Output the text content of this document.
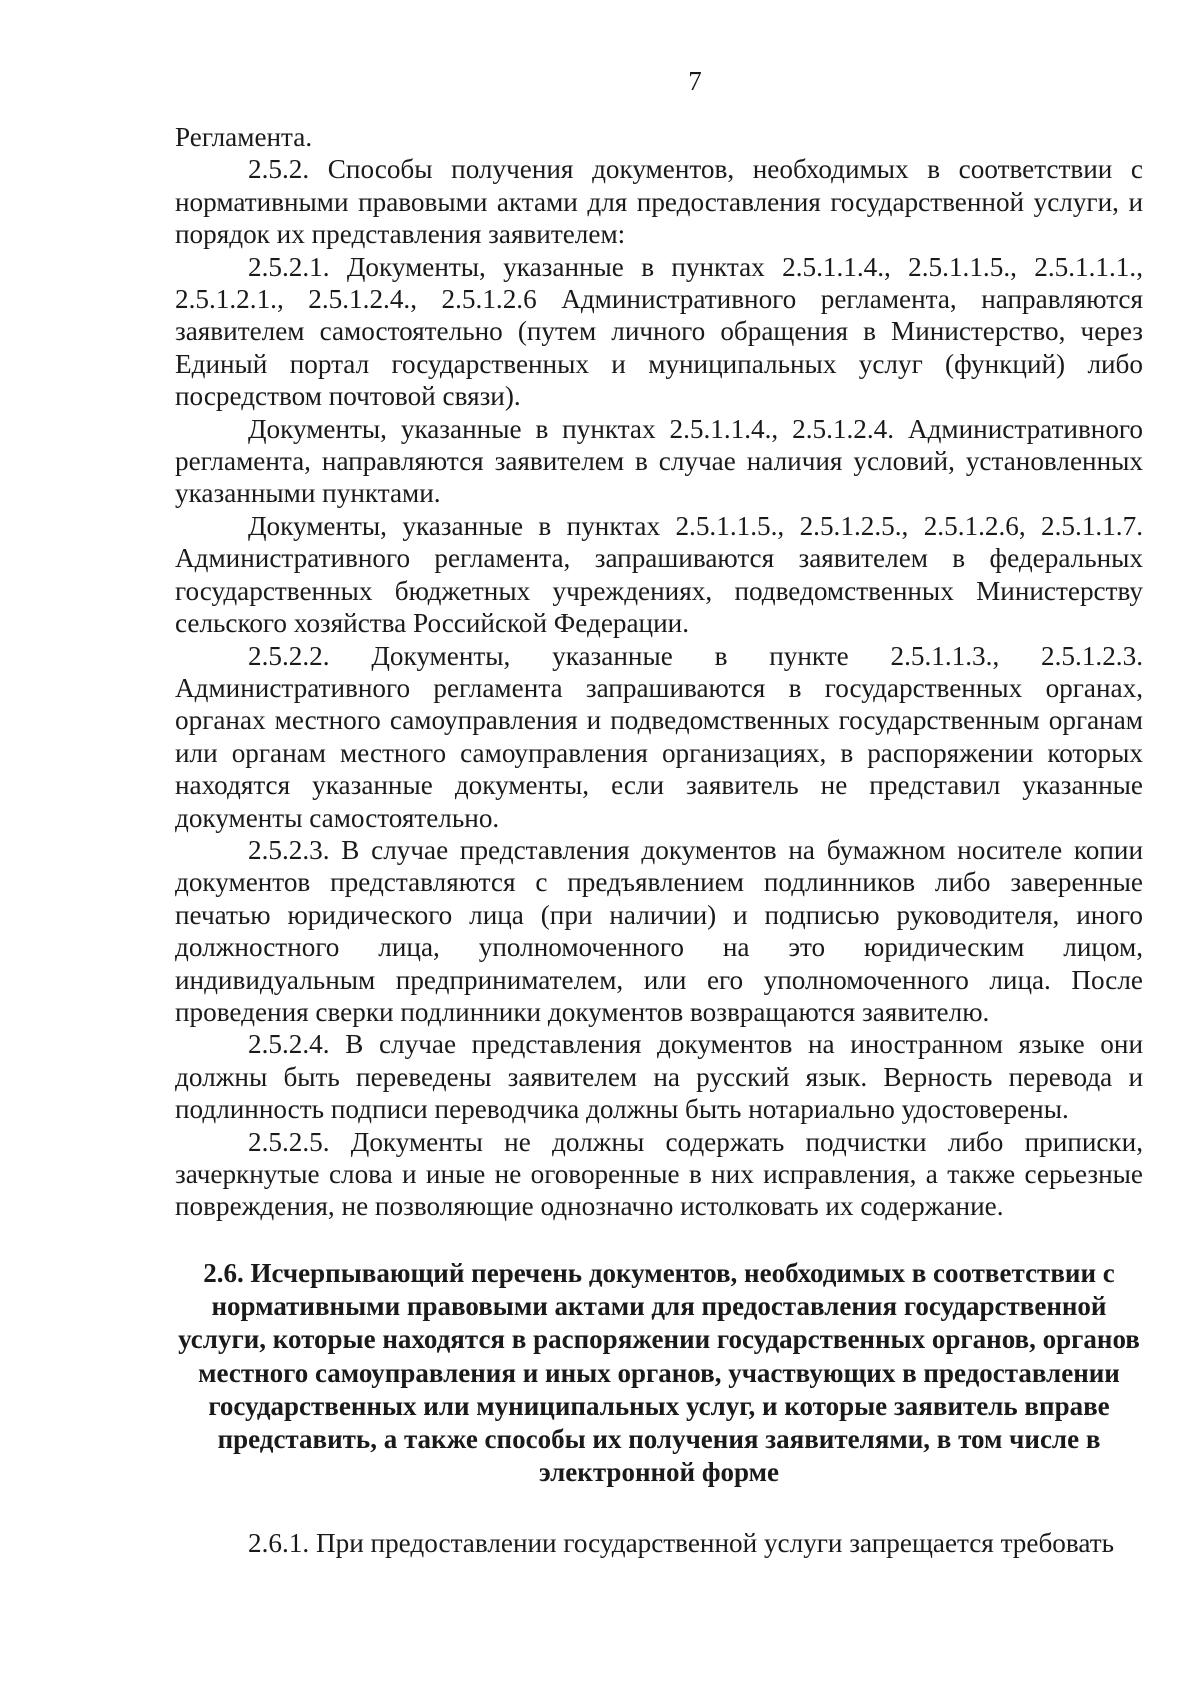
7

Регламента.

2.5.2. Способы получения документов, необходимых в соответствии с нормативными правовыми актами для предоставления государственной услуги, и порядок их представления заявителем:

2.5.2.1. Документы, указанные в пунктах 2.5.1.1.4., 2.5.1.1.5., 2.5.1.1.1., 2.5.1.2.1., 2.5.1.2.4., 2.5.1.2.6 Административного регламента, направляются заявителем самостоятельно (путем личного обращения в Министерство, через Единый портал государственных и муниципальных услуг (функций) либо посредством почтовой связи).

Документы, указанные в пунктах 2.5.1.1.4., 2.5.1.2.4. Административного регламента, направляются заявителем в случае наличия условий, установленных указанными пунктами.

Документы, указанные в пунктах 2.5.1.1.5., 2.5.1.2.5., 2.5.1.2.6, 2.5.1.1.7. Административного регламента, запрашиваются заявителем в федеральных государственных бюджетных учреждениях, подведомственных Министерству сельского хозяйства Российской Федерации.

2.5.2.2. Документы, указанные в пункте 2.5.1.1.3., 2.5.1.2.3. Административного регламента запрашиваются в государственных органах, органах местного самоуправления и подведомственных государственным органам или органам местного самоуправления организациях, в распоряжении которых находятся указанные документы, если заявитель не представил указанные документы самостоятельно.

2.5.2.3. В случае представления документов на бумажном носителе копии документов представляются с предъявлением подлинников либо заверенные печатью юридического лица (при наличии) и подписью руководителя, иного должностного лица, уполномоченного на это юридическим лицом, индивидуальным предпринимателем, или его уполномоченного лица. После проведения сверки подлинники документов возвращаются заявителю.

2.5.2.4. В случае представления документов на иностранном языке они должны быть переведены заявителем на русский язык. Верность перевода и подлинность подписи переводчика должны быть нотариально удостоверены.

2.5.2.5. Документы не должны содержать подчистки либо приписки, зачеркнутые слова и иные не оговоренные в них исправления, а также серьезные повреждения, не позволяющие однозначно истолковать их содержание.

2.6. Исчерпывающий перечень документов, необходимых в соответствии с нормативными правовыми актами для предоставления государственной услуги, которые находятся в распоряжении государственных органов, органов местного самоуправления и иных органов, участвующих в предоставлении государственных или муниципальных услуг, и которые заявитель вправе представить, а также способы их получения заявителями, в том числе в электронной форме

2.6.1. При предоставлении государственной услуги запрещается требовать
